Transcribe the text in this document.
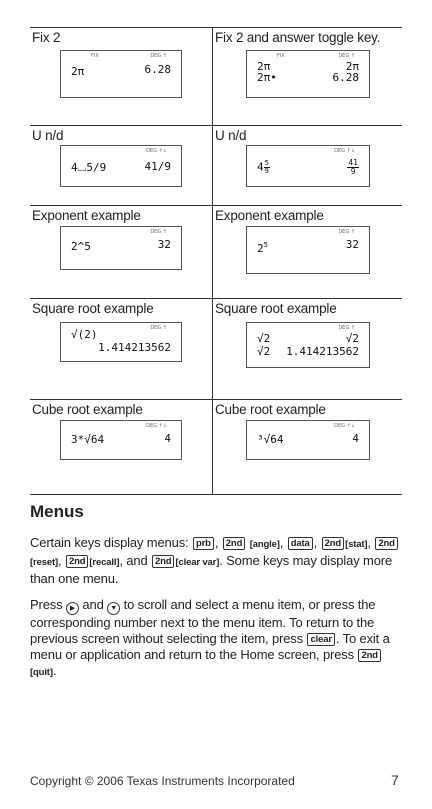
Fix 2
FIX	DEG ↑
2π	6.28
Fix 2 and answer toggle key.
FIX	DEG ↑
2π	2π
2π•	6.28
U n/d
DEG ↑↓
4⌴5/9	41/9
U n/d
DEG ↑↓
$4 \frac{5}{9}$	$\frac{41}{9}$
Exponent example
DEG ↑
2^5	32
Exponent example
DEG ↑
$2^5$	32
Square root example
DEG ↑
√(2)
1.414213562
Square root example
DEG ↑
√2	√2
√2 1.414213562
Cube root example
DEG ↑↓
3*√64	4
Cube root example
DEG ↑↓
³√64	4
Menus
Certain keys display menus: prb , 2nd [angle], data , 2nd [stat], 2nd[reset], 2nd [recall], and 2nd [clear var]. Some keys may display more than one menu.
Press ▶ and ▼ to scroll and select a menu item, or press the corresponding number next to the menu item. To return to the previous screen without selecting the item, press clear . To exit a menu or application and return to the Home screen, press 2nd[quit].
Copyright © 2006 Texas Instruments Incorporated	7
